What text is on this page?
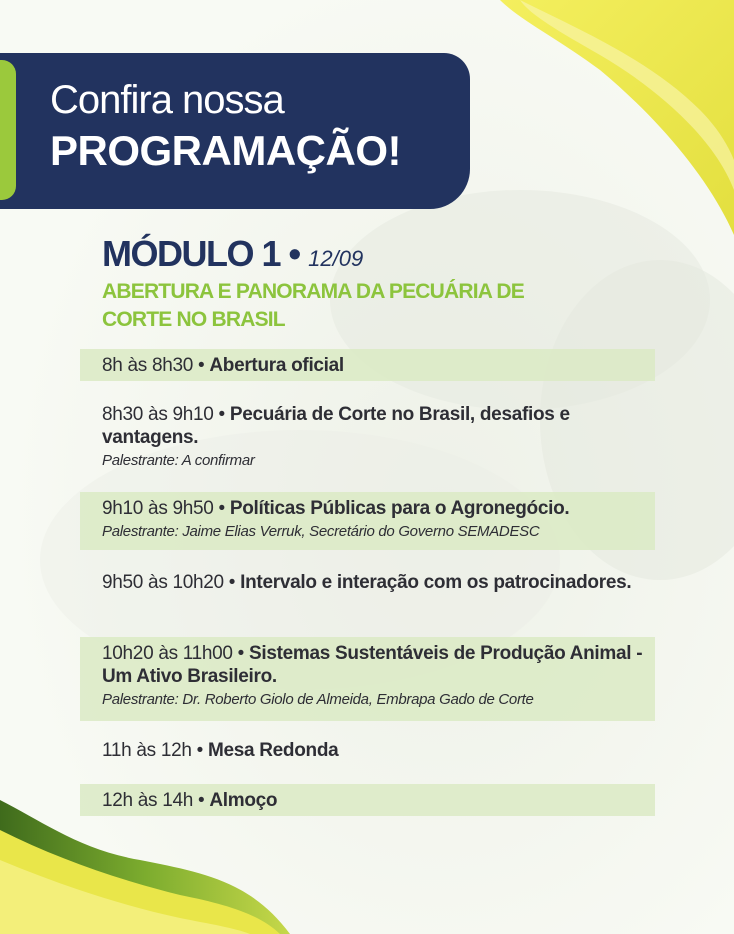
Confira nossa
PROGRAMAÇÃO!
MÓDULO 1 • 12/09
ABERTURA E PANORAMA DA PECUÁRIA DE CORTE NO BRASIL
8h às 8h30 • Abertura oficial
8h30 às 9h10 • Pecuária de Corte no Brasil, desafios e vantagens.
Palestrante: A confirmar
9h10 às 9h50 • Políticas Públicas para o Agronegócio.
Palestrante: Jaime Elias Verruk, Secretário do Governo SEMADESC
9h50 às 10h20 • Intervalo e interação com os patrocinadores.
10h20 às 11h00 • Sistemas Sustentáveis de Produção Animal - Um Ativo Brasileiro.
Palestrante: Dr. Roberto Giolo de Almeida, Embrapa Gado de Corte
11h às 12h • Mesa Redonda
12h às 14h • Almoço
